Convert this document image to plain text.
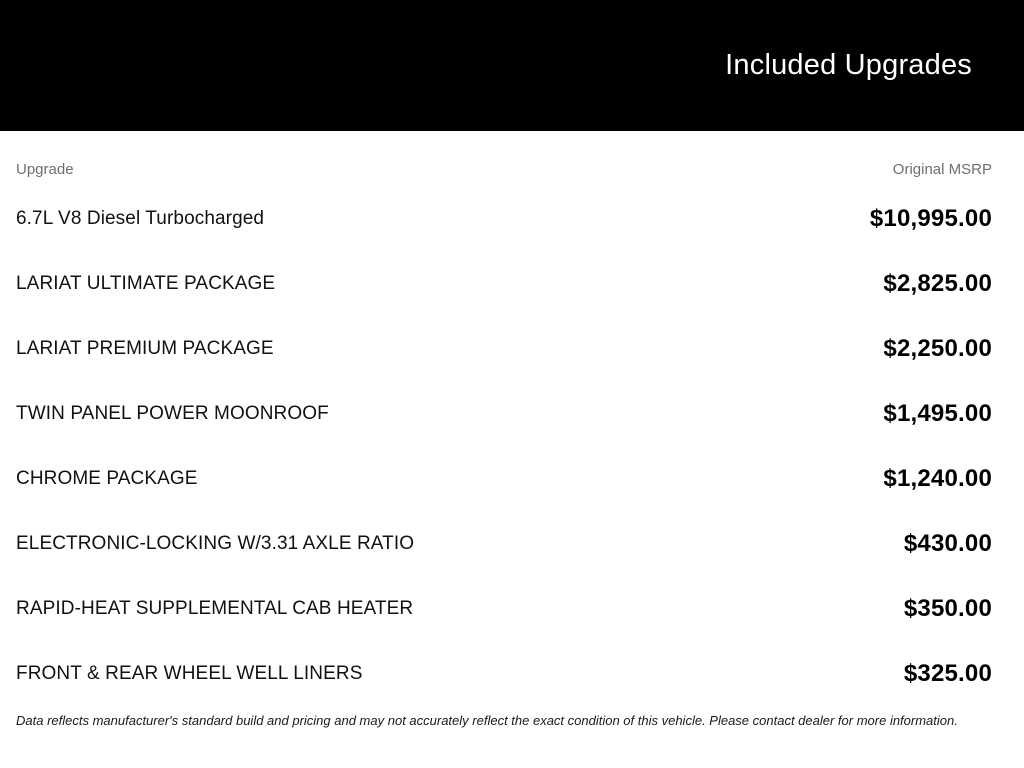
Included Upgrades
Upgrade	Original MSRP
6.7L V8 Diesel Turbocharged	$10,995.00
LARIAT ULTIMATE PACKAGE	$2,825.00
LARIAT PREMIUM PACKAGE	$2,250.00
TWIN PANEL POWER MOONROOF	$1,495.00
CHROME PACKAGE	$1,240.00
ELECTRONIC-LOCKING W/3.31 AXLE RATIO	$430.00
RAPID-HEAT SUPPLEMENTAL CAB HEATER	$350.00
FRONT & REAR WHEEL WELL LINERS	$325.00
Data reflects manufacturer's standard build and pricing and may not accurately reflect the exact condition of this vehicle. Please contact dealer for more information.
